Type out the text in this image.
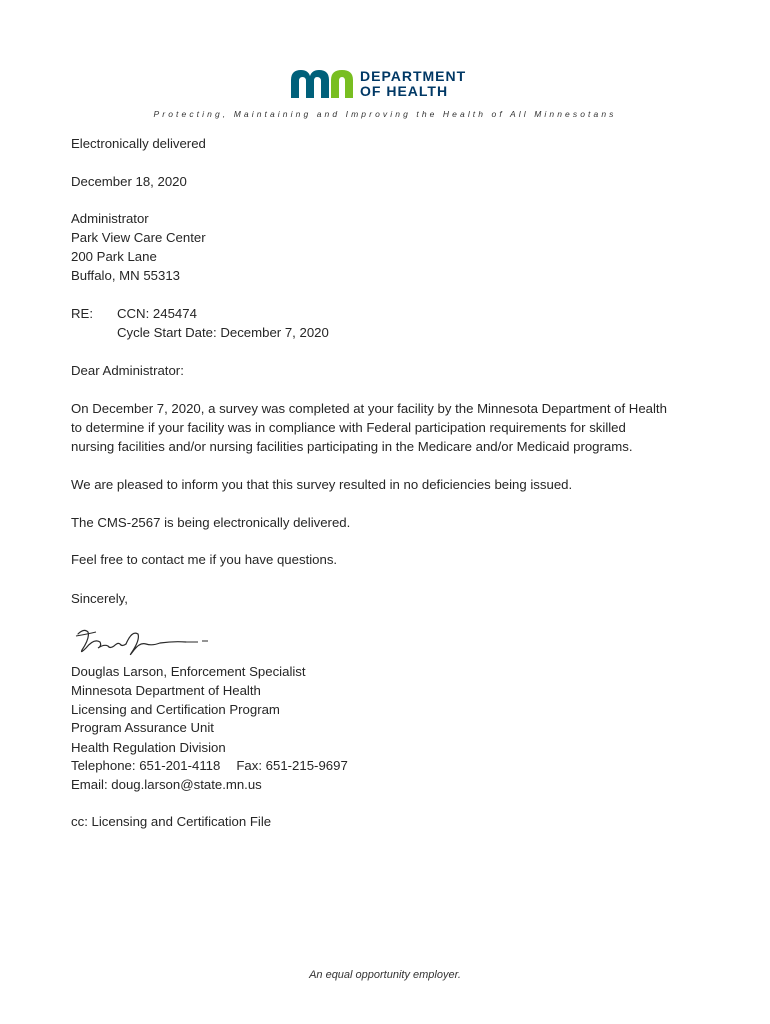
DEPARTMENT
OF HEALTH
Protecting, Maintaining and Improving the Health of All Minnesotans
Electronically delivered
December 18, 2020
Administrator
Park View Care Center
200 Park Lane
Buffalo, MN 55313
RE: CCN: 245474
Cycle Start Date: December 7, 2020
Dear Administrator:
On December 7, 2020, a survey was completed at your facility by the Minnesota Department of Health
to determine if your facility was in compliance with Federal participation requirements for skilled
nursing facilities and/or nursing facilities participating in the Medicare and/or Medicaid programs.
We are pleased to inform you that this survey resulted in no deficiencies being issued.
The CMS-2567 is being electronically delivered.
Feel free to contact me if you have questions.
Sincerely,
Douglas Larson, Enforcement Specialist
Minnesota Department of Health
Licensing and Certification Program
Program Assurance Unit
Health Regulation Division
Telephone: 651-201-4118 Fax: 651-215-9697
Email: doug.larson@state.mn.us
cc: Licensing and Certification File
An equal opportunity employer.
